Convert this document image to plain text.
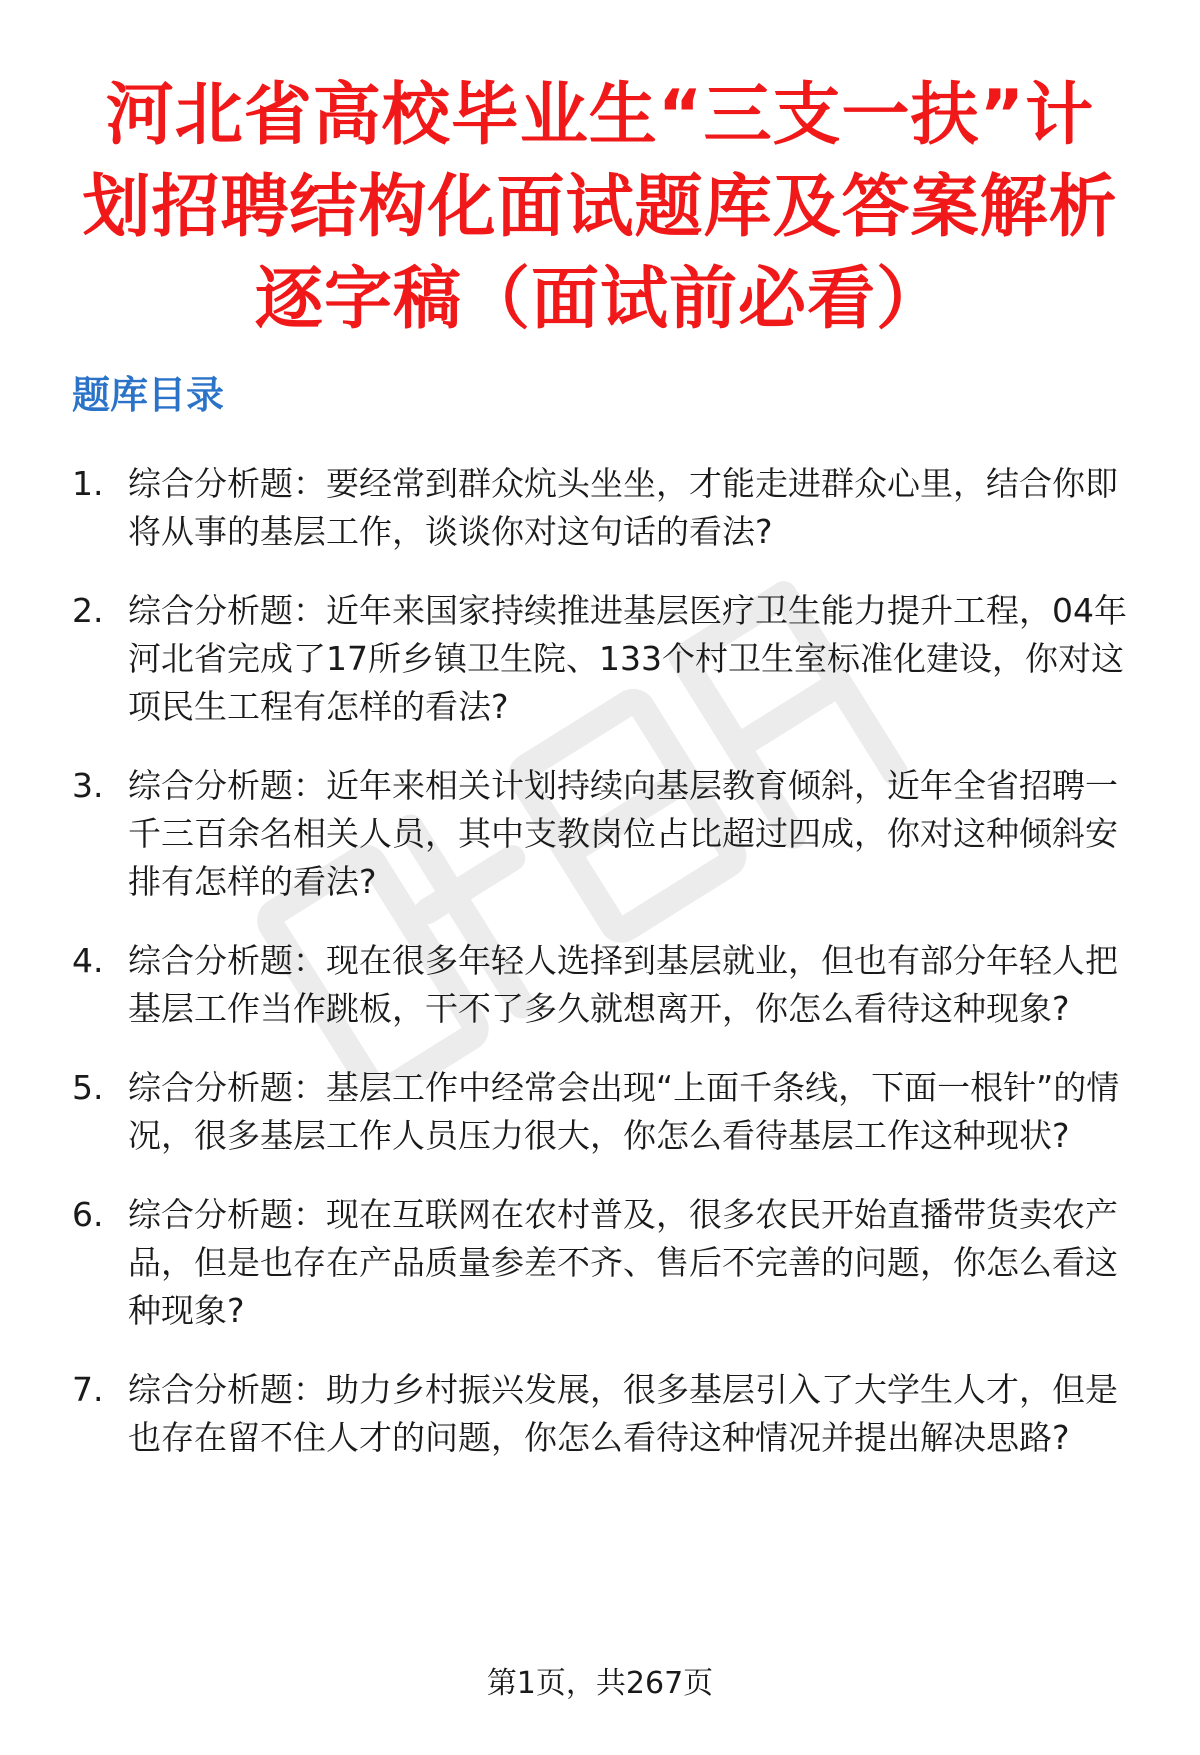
河北省高校毕业生“三支一扶”计
划招聘结构化面试题库及答案解析
逐字稿（面试前必看）
题库目录
1. 综合分析题：要经常到群众炕头坐坐，才能走进群众心里，结合你即将从事的基层工作，谈谈你对这句话的看法?
2. 综合分析题：近年来国家持续推进基层医疗卫生能力提升工程，04年河北省完成了17所乡镇卫生院、133个村卫生室标准化建设，你对这项民生工程有怎样的看法?
3. 综合分析题：近年来相关计划持续向基层教育倾斜，近年全省招聘一千三百余名相关人员，其中支教岗位占比超过四成，你对这种倾斜安排有怎样的看法?
4. 综合分析题：现在很多年轻人选择到基层就业，但也有部分年轻人把基层工作当作跳板，干不了多久就想离开，你怎么看待这种现象?
5. 综合分析题：基层工作中经常会出现“上面千条线，下面一根针”的情况，很多基层工作人员压力很大，你怎么看待基层工作这种现状?
6. 综合分析题：现在互联网在农村普及，很多农民开始直播带货卖农产品，但是也存在产品质量参差不齐、售后不完善的问题，你怎么看这种现象?
7. 综合分析题：助力乡村振兴发展，很多基层引入了大学生人才，但是也存在留不住人才的问题，你怎么看待这种情况并提出解决思路?
第1页，共267页
